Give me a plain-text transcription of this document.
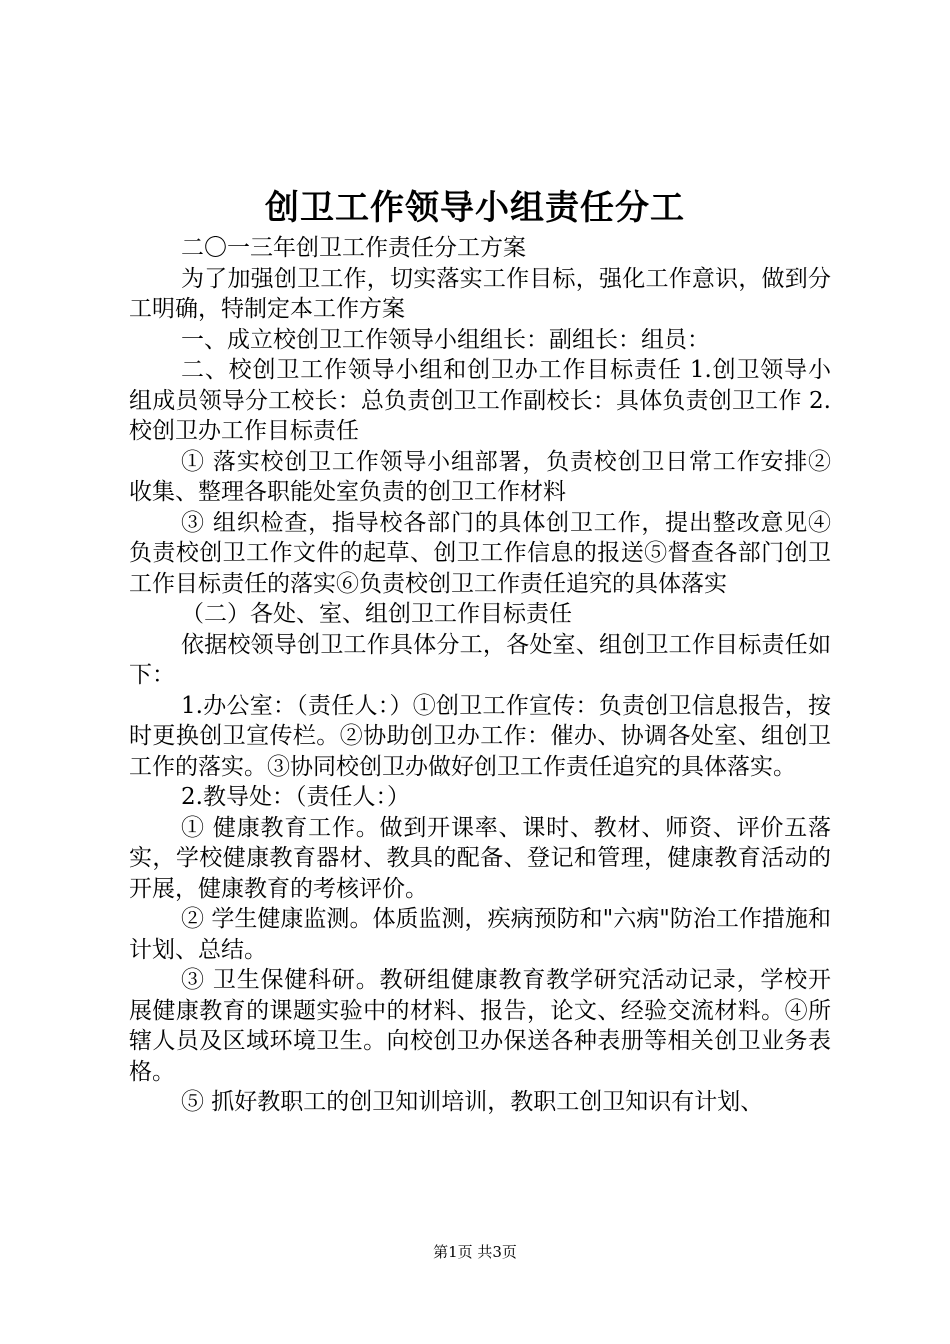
创卫工作领导小组责任分工

二〇一三年创卫工作责任分工方案

为了加强创卫工作，切实落实工作目标，强化工作意识，做到分工明确，特制定本工作方案

一、成立校创卫工作领导小组组长：副组长：组员：

二、校创卫工作领导小组和创卫办工作目标责任 1.创卫领导小组成员领导分工校长：总负责创卫工作副校长：具体负责创卫工作 2.校创卫办工作目标责任

① 落实校创卫工作领导小组部署，负责校创卫日常工作安排②收集、整理各职能处室负责的创卫工作材料

③ 组织检查，指导校各部门的具体创卫工作，提出整改意见④负责校创卫工作文件的起草、创卫工作信息的报送⑤督查各部门创卫工作目标责任的落实⑥负责校创卫工作责任追究的具体落实

（二）各处、室、组创卫工作目标责任

依据校领导创卫工作具体分工，各处室、组创卫工作目标责任如下：

1.办公室：（责任人：）①创卫工作宣传：负责创卫信息报告，按时更换创卫宣传栏。②协助创卫办工作：催办、协调各处室、组创卫工作的落实。③协同校创卫办做好创卫工作责任追究的具体落实。

2.教导处：（责任人：）

① 健康教育工作。做到开课率、课时、教材、师资、评价五落实，学校健康教育器材、教具的配备、登记和管理，健康教育活动的开展，健康教育的考核评价。

② 学生健康监测。体质监测，疾病预防和"六病"防治工作措施和计划、总结。

③ 卫生保健科研。教研组健康教育教学研究活动记录，学校开展健康教育的课题实验中的材料、报告，论文、经验交流材料。④所辖人员及区域环境卫生。向校创卫办保送各种表册等相关创卫业务表格。

⑤ 抓好教职工的创卫知训培训，教职工创卫知识有计划、

第1页 共3页
